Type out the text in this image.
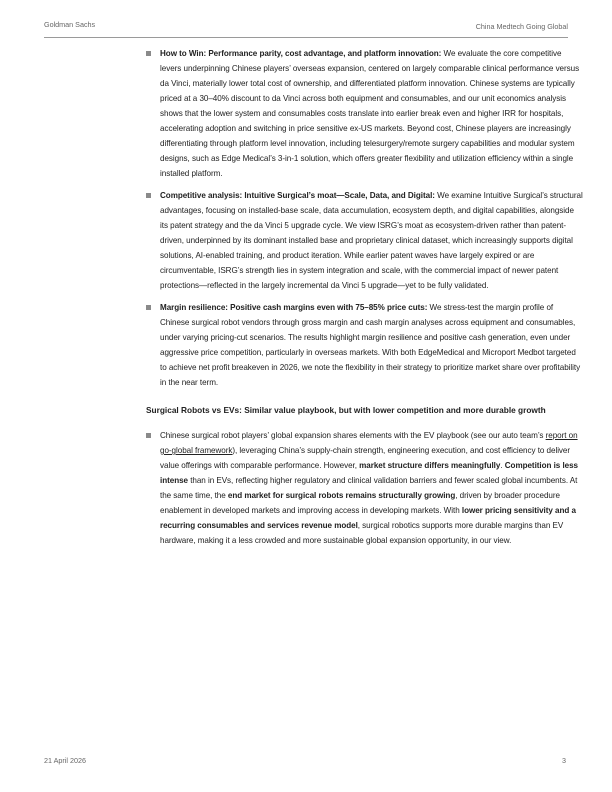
Goldman Sachs	China Medtech Going Global
How to Win: Performance parity, cost advantage, and platform innovation: We evaluate the core competitive levers underpinning Chinese players’ overseas expansion, centered on largely comparable clinical performance versus da Vinci, materially lower total cost of ownership, and differentiated platform innovation. Chinese systems are typically priced at a 30–40% discount to da Vinci across both equipment and consumables, and our unit economics analysis shows that the lower system and consumables costs translate into earlier break even and higher IRR for hospitals, accelerating adoption and switching in price sensitive ex-US markets. Beyond cost, Chinese players are increasingly differentiating through platform level innovation, including telesurgery/remote surgery capabilities and modular system designs, such as Edge Medical’s 3-in-1 solution, which offers greater flexibility and utilization efficiency within a single installed platform.
Competitive analysis: Intuitive Surgical’s moat—Scale, Data, and Digital: We examine Intuitive Surgical’s structural advantages, focusing on installed-base scale, data accumulation, ecosystem depth, and digital capabilities, alongside its patent strategy and the da Vinci 5 upgrade cycle. We view ISRG’s moat as ecosystem-driven rather than patent-driven, underpinned by its dominant installed base and proprietary clinical dataset, which increasingly supports digital solutions, AI-enabled training, and product iteration. While earlier patent waves have largely expired or are circumventable, ISRG’s strength lies in system integration and scale, with the commercial impact of newer patent protections—reflected in the largely incremental da Vinci 5 upgrade—yet to be fully validated.
Margin resilience: Positive cash margins even with 75–85% price cuts: We stress-test the margin profile of Chinese surgical robot vendors through gross margin and cash margin analyses across equipment and consumables, under varying pricing-cut scenarios. The results highlight margin resilience and positive cash generation, even under aggressive price competition, particularly in overseas markets. With both EdgeMedical and Microport Medbot targeted to achieve net profit breakeven in 2026, we note the flexibility in their strategy to prioritize market share over profitability in the near term.
Surgical Robots vs EVs: Similar value playbook, but with lower competition and more durable growth
Chinese surgical robot players’ global expansion shares elements with the EV playbook (see our auto team’s report on go-global framework), leveraging China’s supply-chain strength, engineering execution, and cost efficiency to deliver value offerings with comparable performance. However, market structure differs meaningfully. Competition is less intense than in EVs, reflecting higher regulatory and clinical validation barriers and fewer scaled global incumbents. At the same time, the end market for surgical robots remains structurally growing, driven by broader procedure enablement in developed markets and improving access in developing markets. With lower pricing sensitivity and a recurring consumables and services revenue model, surgical robotics supports more durable margins than EV hardware, making it a less crowded and more sustainable global expansion opportunity, in our view.
21 April 2026	3
